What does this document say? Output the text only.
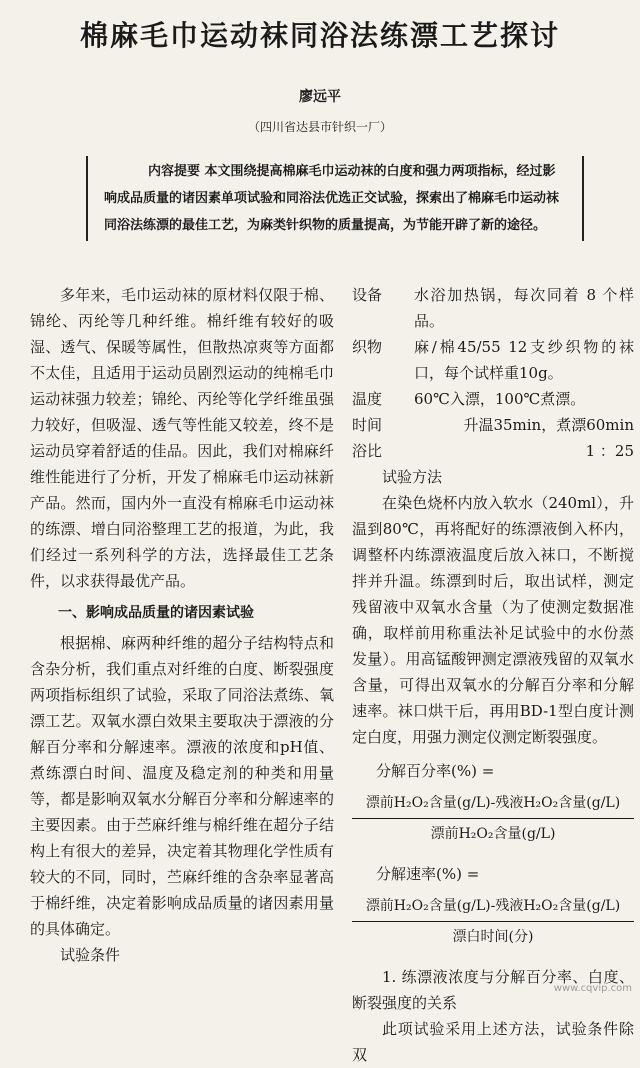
棉麻毛巾运动袜同浴法练漂工艺探讨
廖远平
（四川省达县市针织一厂）
内容提要 本文围绕提高棉麻毛巾运动袜的白度和强力两项指标，经过影响成品质量的诸因素单项试验和同浴法优选正交试验，探索出了棉麻毛巾运动袜同浴法练漂的最佳工艺，为麻类针织物的质量提高，为节能开辟了新的途径。

多年来，毛巾运动袜的原材料仅限于棉、锦纶、丙纶等几种纤维。棉纤维有较好的吸湿、透气、保暖等属性，但散热凉爽等方面都不太佳，且适用于运动员剧烈运动的纯棉毛巾运动袜强力较差；锦纶、丙纶等化学纤维虽强力较好，但吸湿、透气等性能又较差，终不是运动员穿着舒适的佳品。因此，我们对棉麻纤维性能进行了分析，开发了棉麻毛巾运动袜新产品。然而，国内外一直没有棉麻毛巾运动袜的练漂、增白同浴整理工艺的报道，为此，我们经过一系列科学的方法，选择最佳工艺条件，以求获得最优产品。

一、影响成品质量的诸因素试验

根据棉、麻两种纤维的超分子结构特点和含杂分析，我们重点对纤维的白度、断裂强度两项指标组织了试验，采取了同浴法煮练、氧漂工艺。双氧水漂白效果主要取决于漂液的分解百分率和分解速率。漂液的浓度和pH值、煮练漂白时间、温度及稳定剂的种类和用量等，都是影响双氧水分解百分率和分解速率的主要因素。由于苎麻纤维与棉纤维在超分子结构上有很大的差异，决定着其物理化学性质有较大的不同，同时，苎麻纤维的含杂率显著高于棉纤维，决定着影响成品质量的诸因素用量的具体确定。

试验条件

设备	水浴加热锅，每次同着 8 个样品。
织物	麻/棉45/55 12支纱织物的袜口，每个试样重10g。
温度	60℃入漂，100℃煮漂。
时间	升温35min，煮漂60min
浴比	1 ：25

试验方法

在染色烧杯内放入软水（240ml），升温到80℃，再将配好的练漂液倒入杯内，调整杯内练漂液温度后放入袜口，不断搅拌并升温。练漂到时后，取出试样，测定残留液中双氧水含量（为了使测定数据准确，取样前用称重法补足试验中的水份蒸发量）。用高锰酸钾测定漂液残留的双氧水含量，可得出双氧水的分解百分率和分解速率。袜口烘干后，再用BD-1型白度计测定白度，用强力测定仪测定断裂强度。

分解百分率(%) =

漂前H₂O₂含量(g/L)-残液H₂O₂含量(g/L)
漂前H₂O₂含量(g/L)

分解速率(%) =

漂前H₂O₂含量(g/L)-残液H₂O₂含量(g/L)
漂白时间(分)

1. 练漂液浓度与分解百分率、白度、断裂强度的关系

此项试验采用上述方法，试验条件除双

www.cqvip.com
